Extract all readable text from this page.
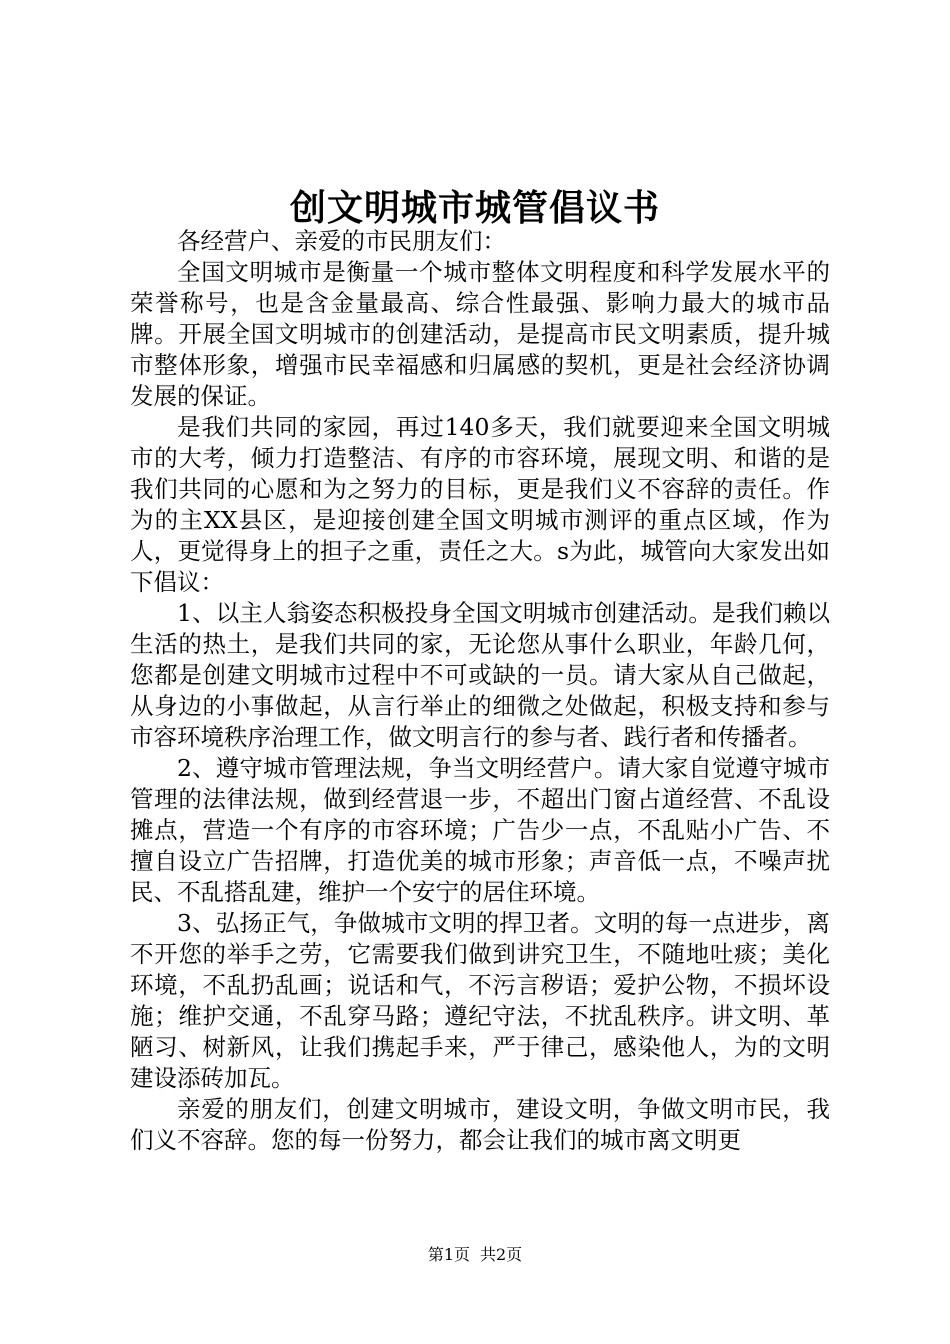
创文明城市城管倡议书

各经营户、亲爱的市民朋友们：

全国文明城市是衡量一个城市整体文明程度和科学发展水平的荣誉称号，也是含金量最高、综合性最强、影响力最大的城市品牌。开展全国文明城市的创建活动，是提高市民文明素质，提升城市整体形象，增强市民幸福感和归属感的契机，更是社会经济协调发展的保证。

是我们共同的家园，再过140多天，我们就要迎来全国文明城市的大考，倾力打造整洁、有序的市容环境，展现文明、和谐的是我们共同的心愿和为之努力的目标，更是我们义不容辞的责任。作为的主XX县区，是迎接创建全国文明城市测评的重点区域，作为人，更觉得身上的担子之重，责任之大。s为此，城管向大家发出如下倡议：

1、以主人翁姿态积极投身全国文明城市创建活动。是我们赖以生活的热土，是我们共同的家，无论您从事什么职业，年龄几何，您都是创建文明城市过程中不可或缺的一员。请大家从自己做起，从身边的小事做起，从言行举止的细微之处做起，积极支持和参与市容环境秩序治理工作，做文明言行的参与者、践行者和传播者。

2、遵守城市管理法规，争当文明经营户。请大家自觉遵守城市管理的法律法规，做到经营退一步，不超出门窗占道经营、不乱设摊点，营造一个有序的市容环境；广告少一点，不乱贴小广告、不擅自设立广告招牌，打造优美的城市形象；声音低一点，不噪声扰民、不乱搭乱建，维护一个安宁的居住环境。

3、弘扬正气，争做城市文明的捍卫者。文明的每一点进步，离不开您的举手之劳，它需要我们做到讲究卫生，不随地吐痰；美化环境，不乱扔乱画；说话和气，不污言秽语；爱护公物，不损坏设施；维护交通，不乱穿马路；遵纪守法，不扰乱秩序。讲文明、革陋习、树新风，让我们携起手来，严于律己，感染他人，为的文明建设添砖加瓦。

亲爱的朋友们，创建文明城市，建设文明，争做文明市民，我们义不容辞。您的每一份努力，都会让我们的城市离文明更

第1页 共2页
